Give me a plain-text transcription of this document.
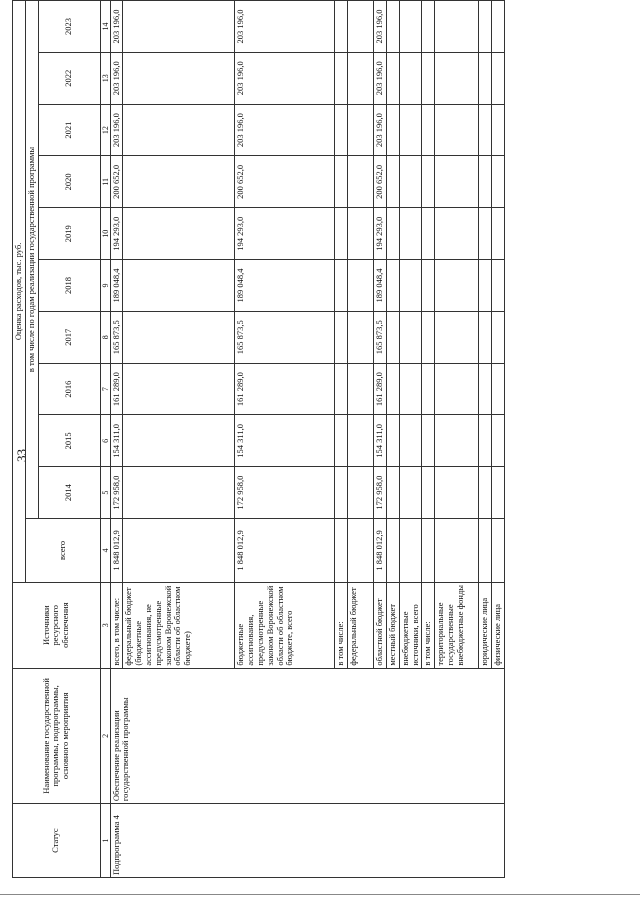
33
Статус	Наименование государственной программы, подпрограммы, основного мероприятия	Источники ресурсного обеспечения	Оценка расходов, тыс. руб.										
			всего	в том числе по годам реализации государственной программы									
				2014	2015	2016	2017	2018	2019	2020	2021	2022	2023
1	2	3	4	5	6	7	8	9	10	11	12	13	14
Подпрограмма 4	Обеспечение реализации государственной программы	всего, в том числе:	1 848 012,9	172 958,0	154 311,0	161 289,0	165 873,5	189 048,4	194 293,0	200 652,0	203 196,0	203 196,0	203 196,0
		федеральный бюджет (бюджетные ассигнования, не предусмотренные законом Воронежской области об областном бюджете)											
		бюджетные ассигнования, предусмотренные законом Воронежской области об областном бюджете, всего	1 848 012,9	172 958,0	154 311,0	161 289,0	165 873,5	189 048,4	194 293,0	200 652,0	203 196,0	203 196,0	203 196,0
		в том числе:											
		федеральный бюджет											
		областной бюджет	1 848 012,9	172 958,0	154 311,0	161 289,0	165 873,5	189 048,4	194 293,0	200 652,0	203 196,0	203 196,0	203 196,0
		местный бюджет											
		внебюджетные источники, всего											
		в том числе:											
		территориальные государственные внебюджетные фонды											
		юридические лица											
		физические лица											
